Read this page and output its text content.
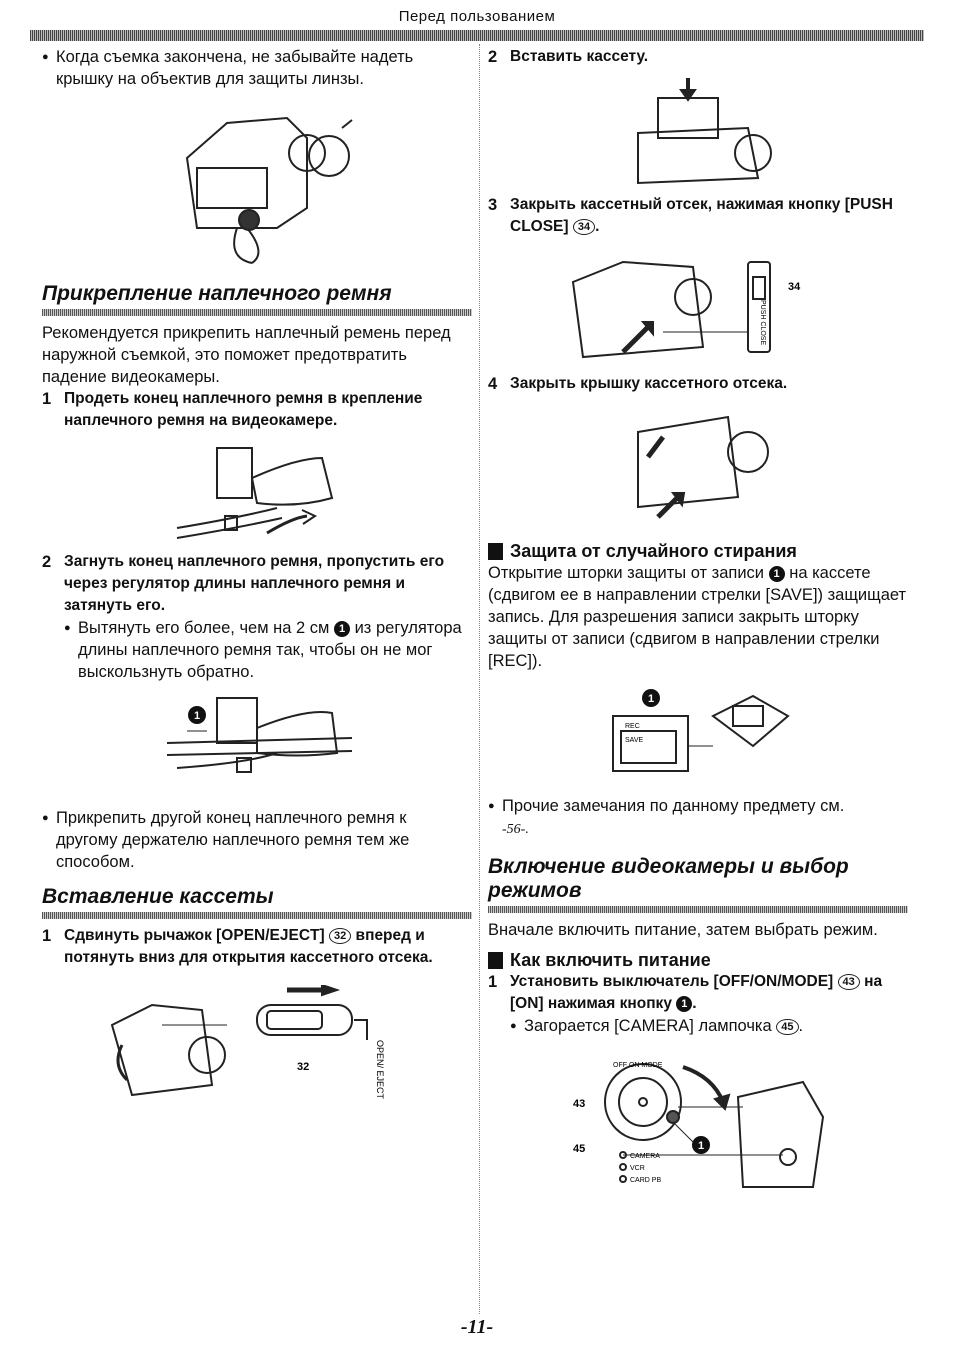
Перед пользованием

● Когда съемка закончена, не забывайте надеть крышку на объектив для защиты линзы.

Прикрепление наплечного ремня

Рекомендуется прикрепить наплечный ремень перед наружной съемкой, это поможет предотвратить падение видеокамеры.

1 Продеть конец наплечного ремня в крепление наплечного ремня на видеокамере.

2 Загнуть конец наплечного ремня, пропустить его через регулятор длины наплечного ремня и затянуть его.

● Вытянуть его более, чем на 2 см 1 из регулятора длины наплечного ремня так, чтобы он не мог выскользнуть обратно.

1

● Прикрепить другой конец наплечного ремня к другому держателю наплечного ремня тем же способом.

Вставление кассеты

1 Сдвинуть рычажок [OPEN/EJECT] 32 вперед и потянуть вниз для открытия кассетного отсека.

32	OPEN/ EJECT

2 Вставить кассету.

3 Закрыть кассетный отсек, нажимая кнопку [PUSH CLOSE] 34 .

PUSH CLOSE
34

4 Закрыть крышку кассетного отсека.

Защита от случайного стирания

Открытие шторки защиты от записи 1 на кассете (сдвигом ее в направлении стрелки [SAVE]) защищает запись. Для разрешения записи закрыть шторку защиты от записи (сдвигом в направлении стрелки [REC]).

REC
SAVE
1

● Прочие замечания по данному предмету см.
-56-.

Включение видеокамеры и выбор режимов

Вначале включить питание, затем выбрать режим.

Как включить питание

1 Установить выключатель [OFF/ON/MODE] 43 на [ON] нажимая кнопку 1 .

● Загорается [CAMERA] лампочка 45 .

OFF ON MODE
43
45	1
CAMERA
VCR
CARD PB
-11-
